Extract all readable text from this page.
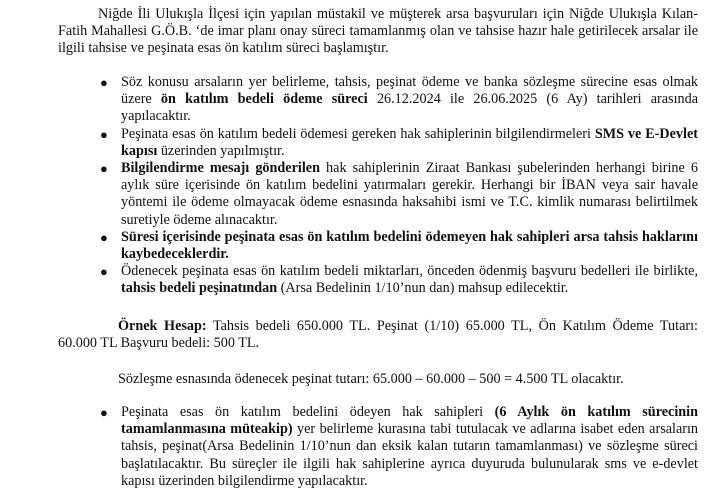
Niğde İli Ulukışla İlçesi için yapılan müstakil ve müşterek arsa başvuruları için Niğde Ulukışla Kılan-Fatih Mahallesi G.Ö.B. ‘de imar planı onay süreci tamamlanmış olan ve tahsise hazır hale getirilecek arsalar ile ilgili tahsise ve peşinata esas ön katılım süreci başlamıştır.

● Söz konusu arsaların yer belirleme, tahsis, peşinat ödeme ve banka sözleşme sürecine esas olmak üzere ön katılım bedeli ödeme süreci 26.12.2024 ile 26.06.2025 (6 Ay) tarihleri arasında yapılacaktır.
● Peşinata esas ön katılım bedeli ödemesi gereken hak sahiplerinin bilgilendirmeleri SMS ve E-Devlet kapısı üzerinden yapılmıştır.
● Bilgilendirme mesajı gönderilen hak sahiplerinin Ziraat Bankası şubelerinden herhangi birine 6 aylık süre içerisinde ön katılım bedelini yatırmaları gerekir. Herhangi bir İBAN veya sair havale yöntemi ile ödeme olmayacak ödeme esnasında haksahibi ismi ve T.C. kimlik numarası belirtilmek suretiyle ödeme alınacaktır.
● Süresi içerisinde peşinata esas ön katılım bedelini ödemeyen hak sahipleri arsa tahsis haklarını kaybedeceklerdir.
● Ödenecek peşinata esas ön katılım bedeli miktarları, önceden ödenmiş başvuru bedelleri ile birlikte, tahsis bedeli peşinatından (Arsa Bedelinin 1/10’nun dan) mahsup edilecektir.

Örnek Hesap: Tahsis bedeli 650.000 TL. Peşinat (1/10) 65.000 TL, Ön Katılım Ödeme Tutarı: 60.000 TL Başvuru bedeli: 500 TL.

Sözleşme esnasında ödenecek peşinat tutarı: 65.000 – 60.000 – 500 = 4.500 TL olacaktır.

● Peşinata esas ön katılım bedelini ödeyen hak sahipleri (6 Aylık ön katılım sürecinin tamamlanmasına müteakip) yer belirleme kurasına tabi tutulacak ve adlarına isabet eden arsaların tahsis, peşinat(Arsa Bedelinin 1/10’nun dan eksik kalan tutarın tamamlanması) ve sözleşme süreci başlatılacaktır. Bu süreçler ile ilgili hak sahiplerine ayrıca duyuruda bulunularak sms ve e-devlet kapısı üzerinden bilgilendirme yapılacaktır.
